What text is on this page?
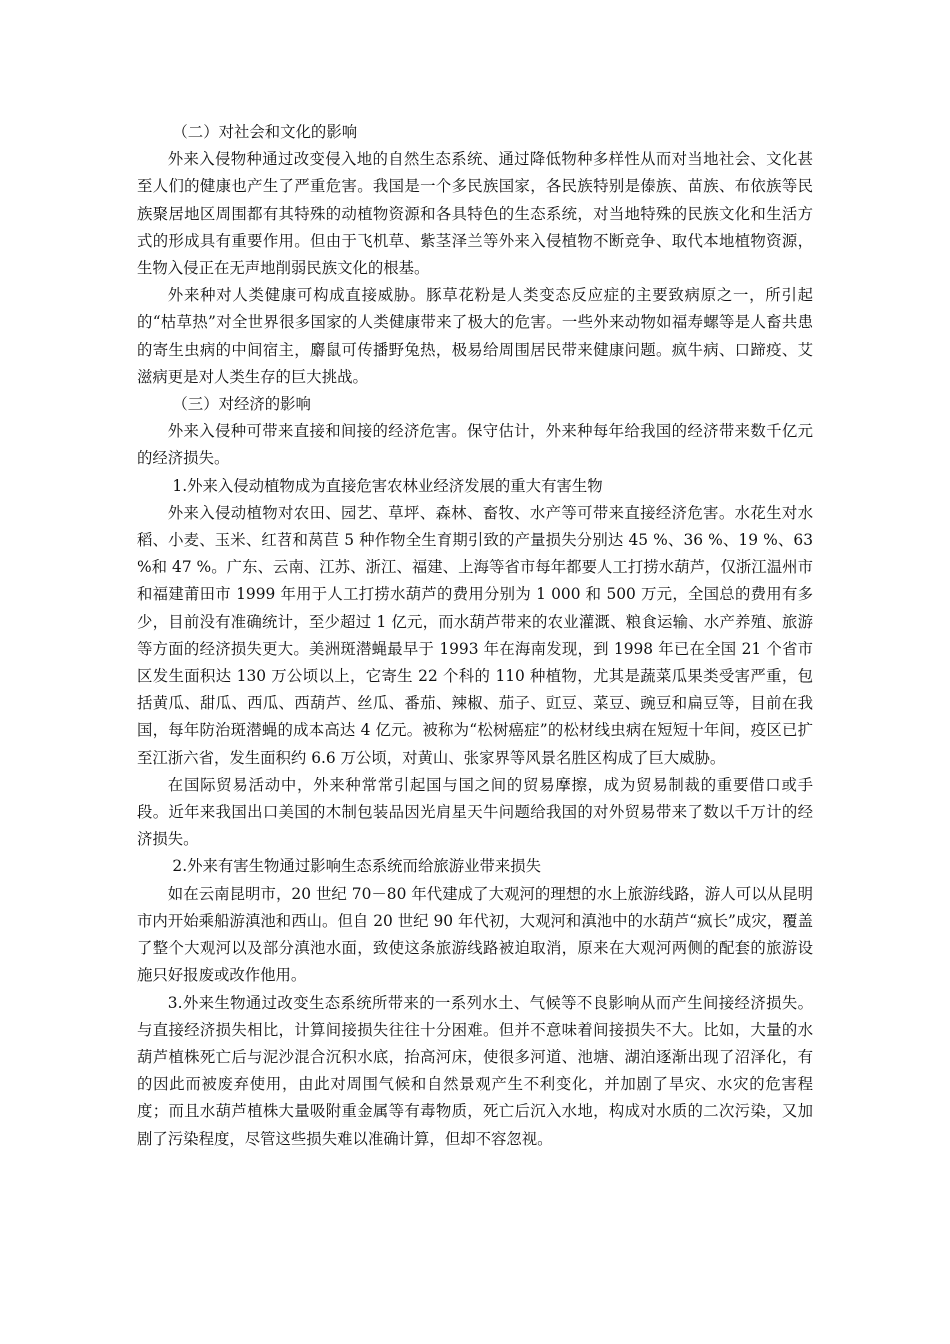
（二）对社会和文化的影响

外来入侵物种通过改变侵入地的自然生态系统、通过降低物种多样性从而对当地社会、文化甚至人们的健康也产生了严重危害。我国是一个多民族国家，各民族特别是傣族、苗族、布依族等民族聚居地区周围都有其特殊的动植物资源和各具特色的生态系统，对当地特殊的民族文化和生活方式的形成具有重要作用。但由于飞机草、紫茎泽兰等外来入侵植物不断竞争、取代本地植物资源，生物入侵正在无声地削弱民族文化的根基。

外来种对人类健康可构成直接威胁。豚草花粉是人类变态反应症的主要致病原之一，所引起的“枯草热”对全世界很多国家的人类健康带来了极大的危害。一些外来动物如福寿螺等是人畜共患的寄生虫病的中间宿主，麝鼠可传播野兔热，极易给周围居民带来健康问题。疯牛病、口蹄疫、艾滋病更是对人类生存的巨大挑战。

（三）对经济的影响

外来入侵种可带来直接和间接的经济危害。保守估计，外来种每年给我国的经济带来数千亿元的经济损失。

1.外来入侵动植物成为直接危害农林业经济发展的重大有害生物

外来入侵动植物对农田、园艺、草坪、森林、畜牧、水产等可带来直接经济危害。水花生对水稻、小麦、玉米、红苕和莴苣 5 种作物全生育期引致的产量损失分别达 45 %、36 %、19 %、63 %和 47 %。广东、云南、江苏、浙江、福建、上海等省市每年都要人工打捞水葫芦，仅浙江温州市和福建莆田市 1999 年用于人工打捞水葫芦的费用分别为 1 000 和 500 万元，全国总的费用有多少，目前没有准确统计，至少超过 1 亿元，而水葫芦带来的农业灌溉、粮食运输、水产养殖、旅游等方面的经济损失更大。美洲斑潜蝇最早于 1993 年在海南发现，到 1998 年已在全国 21 个省市区发生面积达 130 万公顷以上，它寄生 22 个科的 110 种植物，尤其是蔬菜瓜果类受害严重，包括黄瓜、甜瓜、西瓜、西葫芦、丝瓜、番茄、辣椒、茄子、豇豆、菜豆、豌豆和扁豆等，目前在我国，每年防治斑潜蝇的成本高达 4 亿元。被称为“松树癌症”的松材线虫病在短短十年间，疫区已扩至江浙六省，发生面积约 6.6 万公顷，对黄山、张家界等风景名胜区构成了巨大威胁。

在国际贸易活动中，外来种常常引起国与国之间的贸易摩擦，成为贸易制裁的重要借口或手段。近年来我国出口美国的木制包装品因光肩星天牛问题给我国的对外贸易带来了数以千万计的经济损失。

2.外来有害生物通过影响生态系统而给旅游业带来损失

如在云南昆明市，20 世纪 70－80 年代建成了大观河的理想的水上旅游线路，游人可以从昆明市内开始乘船游滇池和西山。但自 20 世纪 90 年代初，大观河和滇池中的水葫芦“疯长”成灾，覆盖了整个大观河以及部分滇池水面，致使这条旅游线路被迫取消，原来在大观河两侧的配套的旅游设施只好报废或改作他用。

3.外来生物通过改变生态系统所带来的一系列水土、气候等不良影响从而产生间接经济损失。与直接经济损失相比，计算间接损失往往十分困难。但并不意味着间接损失不大。比如，大量的水葫芦植株死亡后与泥沙混合沉积水底，抬高河床，使很多河道、池塘、湖泊逐渐出现了沼泽化，有的因此而被废弃使用，由此对周围气候和自然景观产生不利变化，并加剧了旱灾、水灾的危害程度；而且水葫芦植株大量吸附重金属等有毒物质，死亡后沉入水地，构成对水质的二次污染，又加剧了污染程度，尽管这些损失难以准确计算，但却不容忽视。
